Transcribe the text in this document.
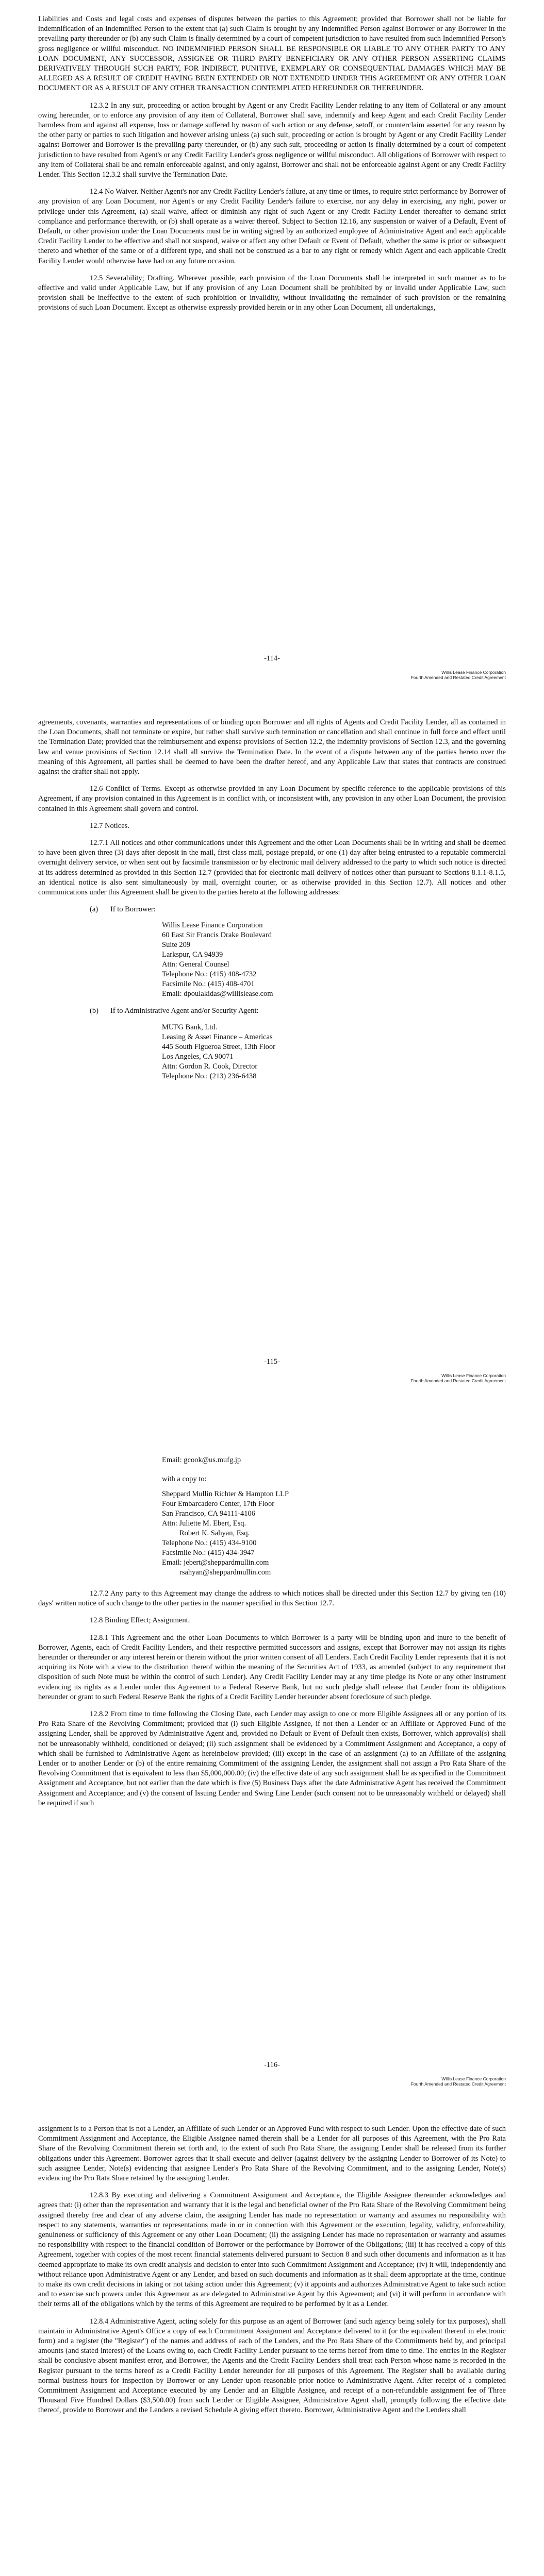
Liabilities and Costs and legal costs and expenses of disputes between the parties to this Agreement; provided that Borrower shall not be liable for indemnification of an Indemnified Person to the extent that (a) such Claim is brought by any Indemnified Person against Borrower or any Borrower in the prevailing party thereunder or (b) any such Claim is finally determined by a court of competent jurisdiction to have resulted from such Indemnified Person's gross negligence or willful misconduct. NO INDEMNIFIED PERSON SHALL BE RESPONSIBLE OR LIABLE TO ANY OTHER PARTY TO ANY LOAN DOCUMENT, ANY SUCCESSOR, ASSIGNEE OR THIRD PARTY BENEFICIARY OR ANY OTHER PERSON ASSERTING CLAIMS DERIVATIVELY THROUGH SUCH PARTY, FOR INDIRECT, PUNITIVE, EXEMPLARY OR CONSEQUENTIAL DAMAGES WHICH MAY BE ALLEGED AS A RESULT OF CREDIT HAVING BEEN EXTENDED OR NOT EXTENDED UNDER THIS AGREEMENT OR ANY OTHER LOAN DOCUMENT OR AS A RESULT OF ANY OTHER TRANSACTION CONTEMPLATED HEREUNDER OR THEREUNDER.

12.3.2 In any suit, proceeding or action brought by Agent or any Credit Facility Lender relating to any item of Collateral or any amount owing hereunder, or to enforce any provision of any item of Collateral, Borrower shall save, indemnify and keep Agent and each Credit Facility Lender harmless from and against all expense, loss or damage suffered by reason of such action or any defense, setoff, or counterclaim asserted for any reason by the other party or parties to such litigation and however arising unless (a) such suit, proceeding or action is brought by Agent or any Credit Facility Lender against Borrower and Borrower is the prevailing party thereunder, or (b) any such suit, proceeding or action is finally determined by a court of competent jurisdiction to have resulted from Agent's or any Credit Facility Lender's gross negligence or willful misconduct. All obligations of Borrower with respect to any item of Collateral shall be and remain enforceable against, and only against, Borrower and shall not be enforceable against Agent or any Credit Facility Lender. This Section 12.3.2 shall survive the Termination Date.

12.4 No Waiver. Neither Agent's nor any Credit Facility Lender's failure, at any time or times, to require strict performance by Borrower of any provision of any Loan Document, nor Agent's or any Credit Facility Lender's failure to exercise, nor any delay in exercising, any right, power or privilege under this Agreement, (a) shall waive, affect or diminish any right of such Agent or any Credit Facility Lender thereafter to demand strict compliance and performance therewith, or (b) shall operate as a waiver thereof. Subject to Section 12.16, any suspension or waiver of a Default, Event of Default, or other provision under the Loan Documents must be in writing signed by an authorized employee of Administrative Agent and each applicable Credit Facility Lender to be effective and shall not suspend, waive or affect any other Default or Event of Default, whether the same is prior or subsequent thereto and whether of the same or of a different type, and shall not be construed as a bar to any right or remedy which Agent and each applicable Credit Facility Lender would otherwise have had on any future occasion.

12.5 Severability; Drafting. Wherever possible, each provision of the Loan Documents shall be interpreted in such manner as to be effective and valid under Applicable Law, but if any provision of any Loan Document shall be prohibited by or invalid under Applicable Law, such provision shall be ineffective to the extent of such prohibition or invalidity, without invalidating the remainder of such provision or the remaining provisions of such Loan Document. Except as otherwise expressly provided herein or in any other Loan Document, all undertakings,

-114-
Willis Lease Finance Corporation
Fourth Amended and Restated Credit Agreement

agreements, covenants, warranties and representations of or binding upon Borrower and all rights of Agents and Credit Facility Lender, all as contained in the Loan Documents, shall not terminate or expire, but rather shall survive such termination or cancellation and shall continue in full force and effect until the Termination Date; provided that the reimbursement and expense provisions of Section 12.2, the indemnity provisions of Section 12.3, and the governing law and venue provisions of Section 12.14 shall all survive the Termination Date. In the event of a dispute between any of the parties hereto over the meaning of this Agreement, all parties shall be deemed to have been the drafter hereof, and any Applicable Law that states that contracts are construed against the drafter shall not apply.

12.6 Conflict of Terms. Except as otherwise provided in any Loan Document by specific reference to the applicable provisions of this Agreement, if any provision contained in this Agreement is in conflict with, or inconsistent with, any provision in any other Loan Document, the provision contained in this Agreement shall govern and control.

12.7 Notices.

12.7.1 All notices and other communications under this Agreement and the other Loan Documents shall be in writing and shall be deemed to have been given three (3) days after deposit in the mail, first class mail, postage prepaid, or one (1) day after being entrusted to a reputable commercial overnight delivery service, or when sent out by facsimile transmission or by electronic mail delivery addressed to the party to which such notice is directed at its address determined as provided in this Section 12.7 (provided that for electronic mail delivery of notices other than pursuant to Sections 8.1.1-8.1.5, an identical notice is also sent simultaneously by mail, overnight courier, or as otherwise provided in this Section 12.7). All notices and other communications under this Agreement shall be given to the parties hereto at the following addresses:

(a)	If to Borrower:
Willis Lease Finance Corporation
60 East Sir Francis Drake Boulevard
Suite 209
Larkspur, CA 94939
Attn: General Counsel
Telephone No.: (415) 408-4732
Facsimile No.: (415) 408-4701
Email: dpoulakidas@willislease.com
(b)	If to Administrative Agent and/or Security Agent:
MUFG Bank, Ltd.
Leasing & Asset Finance – Americas
445 South Figueroa Street, 13th Floor
Los Angeles, CA 90071
Attn: Gordon R. Cook, Director
Telephone No.: (213) 236-6438
-115-
Willis Lease Finance Corporation
Fourth Amended and Restated Credit Agreement
Email: gcook@us.mufg.jp
with a copy to:
Sheppard Mullin Richter & Hampton LLP
Four Embarcadero Center, 17th Floor
San Francisco, CA 94111-4106
Attn: Juliette M. Ebert, Esq.
Robert K. Sahyan, Esq.
Telephone No.: (415) 434-9100
Facsimile No.: (415) 434-3947
Email: jebert@sheppardmullin.com
rsahyan@sheppardmullin.com

12.7.2 Any party to this Agreement may change the address to which notices shall be directed under this Section 12.7 by giving ten (10) days' written notice of such change to the other parties in the manner specified in this Section 12.7.

12.8 Binding Effect; Assignment.

12.8.1 This Agreement and the other Loan Documents to which Borrower is a party will be binding upon and inure to the benefit of Borrower, Agents, each of Credit Facility Lenders, and their respective permitted successors and assigns, except that Borrower may not assign its rights hereunder or thereunder or any interest herein or therein without the prior written consent of all Lenders. Each Credit Facility Lender represents that it is not acquiring its Note with a view to the distribution thereof within the meaning of the Securities Act of 1933, as amended (subject to any requirement that disposition of such Note must be within the control of such Lender). Any Credit Facility Lender may at any time pledge its Note or any other instrument evidencing its rights as a Lender under this Agreement to a Federal Reserve Bank, but no such pledge shall release that Lender from its obligations hereunder or grant to such Federal Reserve Bank the rights of a Credit Facility Lender hereunder absent foreclosure of such pledge.

12.8.2 From time to time following the Closing Date, each Lender may assign to one or more Eligible Assignees all or any portion of its Pro Rata Share of the Revolving Commitment; provided that (i) such Eligible Assignee, if not then a Lender or an Affiliate or Approved Fund of the assigning Lender, shall be approved by Administrative Agent and, provided no Default or Event of Default then exists, Borrower, which approval(s) shall not be unreasonably withheld, conditioned or delayed; (ii) such assignment shall be evidenced by a Commitment Assignment and Acceptance, a copy of which shall be furnished to Administrative Agent as hereinbelow provided; (iii) except in the case of an assignment (a) to an Affiliate of the assigning Lender or to another Lender or (b) of the entire remaining Commitment of the assigning Lender, the assignment shall not assign a Pro Rata Share of the Revolving Commitment that is equivalent to less than $5,000,000.00; (iv) the effective date of any such assignment shall be as specified in the Commitment Assignment and Acceptance, but not earlier than the date which is five (5) Business Days after the date Administrative Agent has received the Commitment Assignment and Acceptance; and (v) the consent of Issuing Lender and Swing Line Lender (such consent not to be unreasonably withheld or delayed) shall be required if such

-116-
Willis Lease Finance Corporation
Fourth Amended and Restated Credit Agreement

assignment is to a Person that is not a Lender, an Affiliate of such Lender or an Approved Fund with respect to such Lender. Upon the effective date of such Commitment Assignment and Acceptance, the Eligible Assignee named therein shall be a Lender for all purposes of this Agreement, with the Pro Rata Share of the Revolving Commitment therein set forth and, to the extent of such Pro Rata Share, the assigning Lender shall be released from its further obligations under this Agreement. Borrower agrees that it shall execute and deliver (against delivery by the assigning Lender to Borrower of its Note) to such assignee Lender, Note(s) evidencing that assignee Lender's Pro Rata Share of the Revolving Commitment, and to the assigning Lender, Note(s) evidencing the Pro Rata Share retained by the assigning Lender.

12.8.3 By executing and delivering a Commitment Assignment and Acceptance, the Eligible Assignee thereunder acknowledges and agrees that: (i) other than the representation and warranty that it is the legal and beneficial owner of the Pro Rata Share of the Revolving Commitment being assigned thereby free and clear of any adverse claim, the assigning Lender has made no representation or warranty and assumes no responsibility with respect to any statements, warranties or representations made in or in connection with this Agreement or the execution, legality, validity, enforceability, genuineness or sufficiency of this Agreement or any other Loan Document; (ii) the assigning Lender has made no representation or warranty and assumes no responsibility with respect to the financial condition of Borrower or the performance by Borrower of the Obligations; (iii) it has received a copy of this Agreement, together with copies of the most recent financial statements delivered pursuant to Section 8 and such other documents and information as it has deemed appropriate to make its own credit analysis and decision to enter into such Commitment Assignment and Acceptance; (iv) it will, independently and without reliance upon Administrative Agent or any Lender, and based on such documents and information as it shall deem appropriate at the time, continue to make its own credit decisions in taking or not taking action under this Agreement; (v) it appoints and authorizes Administrative Agent to take such action and to exercise such powers under this Agreement as are delegated to Administrative Agent by this Agreement; and (vi) it will perform in accordance with their terms all of the obligations which by the terms of this Agreement are required to be performed by it as a Lender.

12.8.4 Administrative Agent, acting solely for this purpose as an agent of Borrower (and such agency being solely for tax purposes), shall maintain in Administrative Agent's Office a copy of each Commitment Assignment and Acceptance delivered to it (or the equivalent thereof in electronic form) and a register (the "Register") of the names and address of each of the Lenders, and the Pro Rata Share of the Commitments held by, and principal amounts (and stated interest) of the Loans owing to, each Credit Facility Lender pursuant to the terms hereof from time to time. The entries in the Register shall be conclusive absent manifest error, and Borrower, the Agents and the Credit Facility Lenders shall treat each Person whose name is recorded in the Register pursuant to the terms hereof as a Credit Facility Lender hereunder for all purposes of this Agreement. The Register shall be available during normal business hours for inspection by Borrower or any Lender upon reasonable prior notice to Administrative Agent. After receipt of a completed Commitment Assignment and Acceptance executed by any Lender and an Eligible Assignee, and receipt of a non-refundable assignment fee of Three Thousand Five Hundred Dollars ($3,500.00) from such Lender or Eligible Assignee, Administrative Agent shall, promptly following the effective date thereof, provide to Borrower and the Lenders a revised Schedule A giving effect thereto. Borrower, Administrative Agent and the Lenders shall
